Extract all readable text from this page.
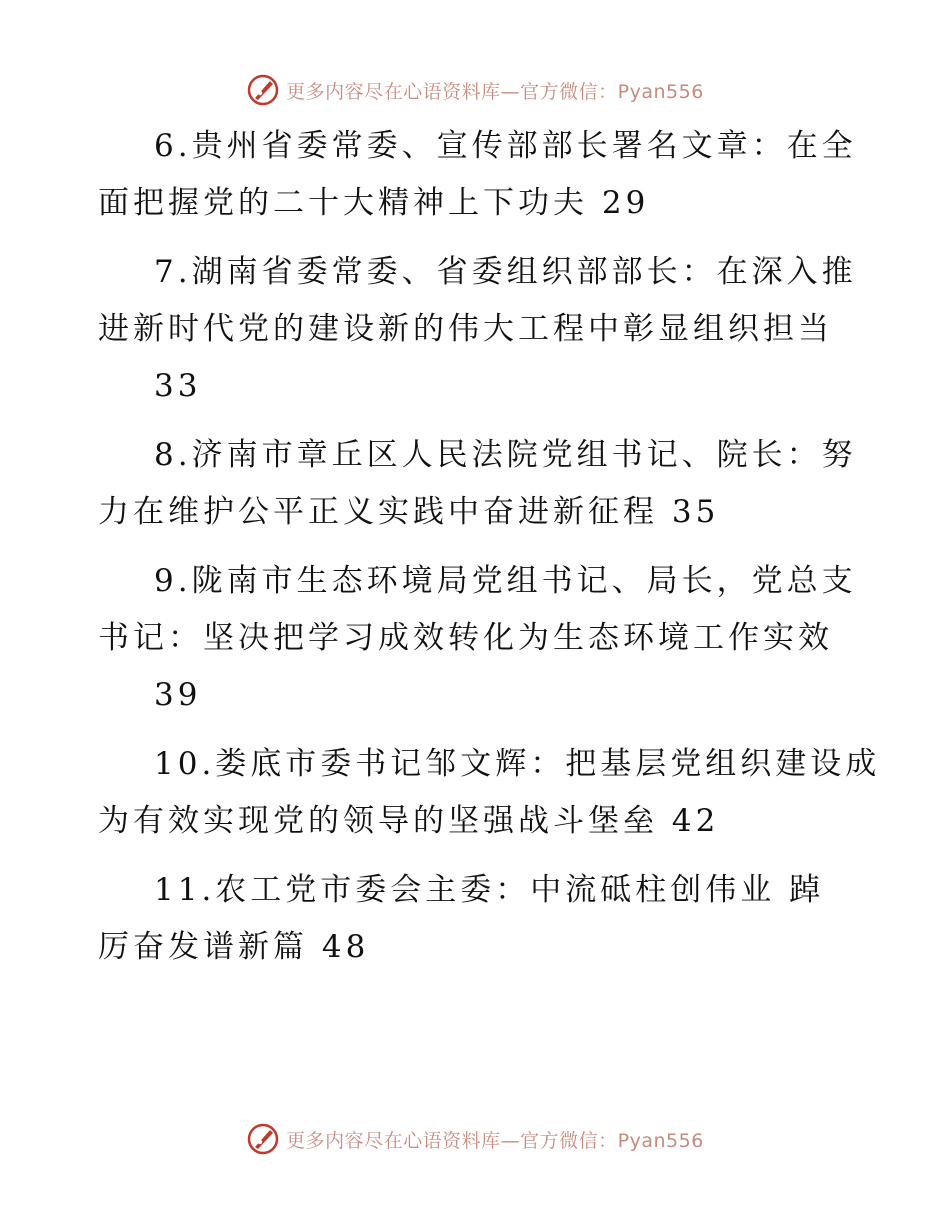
更多内容尽在心语资料库—官方微信：Pyan556
6.贵州省委常委、宣传部部长署名文章：在全
面把握党的二十大精神上下功夫 29
7.湖南省委常委、省委组织部部长：在深入推
进新时代党的建设新的伟大工程中彰显组织担当
33
8.济南市章丘区人民法院党组书记、院长：努
力在维护公平正义实践中奋进新征程 35
9.陇南市生态环境局党组书记、局长，党总支
书记：坚决把学习成效转化为生态环境工作实效
39
10.娄底市委书记邹文辉：把基层党组织建设成
为有效实现党的领导的坚强战斗堡垒 42
11.农工党市委会主委：中流砥柱创伟业 踔
厉奋发谱新篇 48
更多内容尽在心语资料库—官方微信：Pyan556
